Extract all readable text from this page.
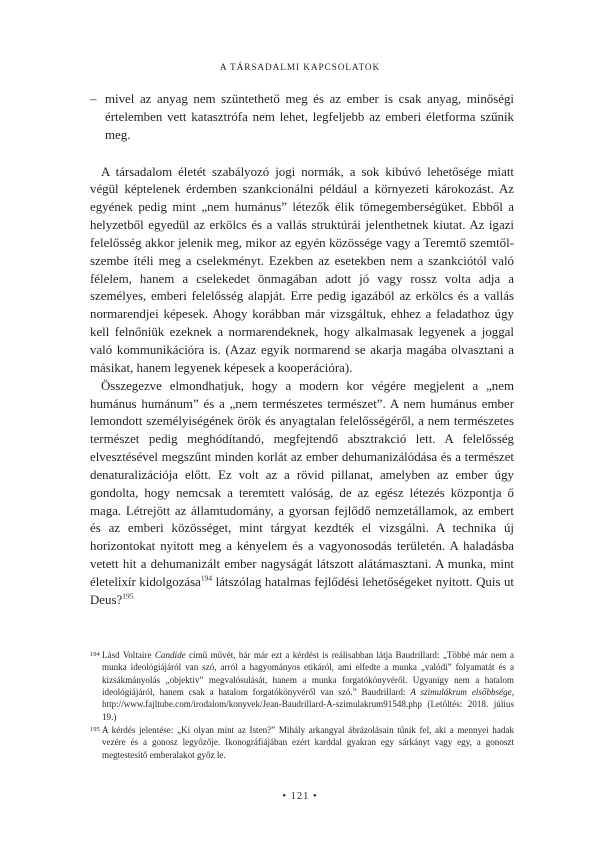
A TÁRSADALMI KAPCSOLATOK
– mivel az anyag nem szüntethető meg és az ember is csak anyag, minőségi értelemben vett katasztrófa nem lehet, legfeljebb az emberi életforma szűnik meg.

A társadalom életét szabályozó jogi normák, a sok kibúvó lehetősége miatt végül képtelenek érdemben szankcionálni például a környezeti károkozást. Az egyének pedig mint „nem humánus” létezők élik tömegemberségüket. Ebből a helyzetből egyedül az erkölcs és a vallás struktúrái jelenthetnek kiutat. Az igazi felelősség akkor jelenik meg, mikor az egyén közössége vagy a Teremtő szemtől-szembe ítéli meg a cselekményt. Ezekben az esetekben nem a szankciótól való félelem, hanem a cselekedet önmagában adott jó vagy rossz volta adja a személyes, emberi felelősség alapját. Erre pedig igazából az erkölcs és a vallás normarendjei képesek. Ahogy korábban már vizsgáltuk, ehhez a feladathoz úgy kell felnőniük ezeknek a normarendeknek, hogy alkalmasak legyenek a joggal való kommunikációra is. (Azaz egyik normarend se akarja magába olvasztani a másikat, hanem legyenek képesek a kooperációra).

Összegezve elmondhatjuk, hogy a modern kor végére megjelent a „nem humánus humánum” és a „nem természetes természet”. A nem humánus ember lemondott személyiségének örök és anyagtalan felelősségéről, a nem természetes természet pedig meghódítandó, megfejtendő absztrakció lett. A felelősség elvesztésével megszűnt minden korlát az ember dehumanizálódása és a természet denaturalizációja előtt. Ez volt az a rövid pillanat, amelyben az ember úgy gondolta, hogy nemcsak a teremtett valóság, de az egész létezés központja ő maga. Létrejött az államtudomány, a gyorsan fejlődő nemzetállamok, az embert és az emberi közösséget, mint tárgyat kezdték el vizsgálni. A technika új horizontokat nyitott meg a kényelem és a vagyonosodás területén. A haladásba vetett hit a dehumanizált ember nagyságát látszott alátámasztani. A munka, mint életelixír kidolgozása$^{194}$ látszólag hatalmas fejlődési lehetőségeket nyitott. Quis ut Deus?$^{195}$

194 Lásd Voltaire Candide című művét, bár már ezt a kérdést is reálisabban látja Baudrillard: „Többé már nem a munka ideológiájáról van szó, arról a hagyományos etikáról, ami elfedte a munka „valódi” folyamatát és a kizsákmányolás „objektív” megvalósulását, hanem a munka forgatókönyvéről. Ugyanígy nem a hatalom ideológiájáról, hanem csak a hatalom forgatókönyvéről van szó.” Baudrillard: A szimulákrum elsőbbsége, http://www.fajltube.com/irodalom/konyvek/Jean-Baudrillard-A-szimulakrum91548.php (Letöltés: 2018. július 19.)
195 A kérdés jelentése: „Ki olyan mint az Isten?” Mihály arkangyal ábrázolásain tűnik fel, aki a mennyei hadak vezére és a gonosz legyőzője. Ikonográfiájában ezért karddal gyakran egy sárkányt vagy egy, a gonoszt megtestesítő emberalakot győz le.
• 121 •
